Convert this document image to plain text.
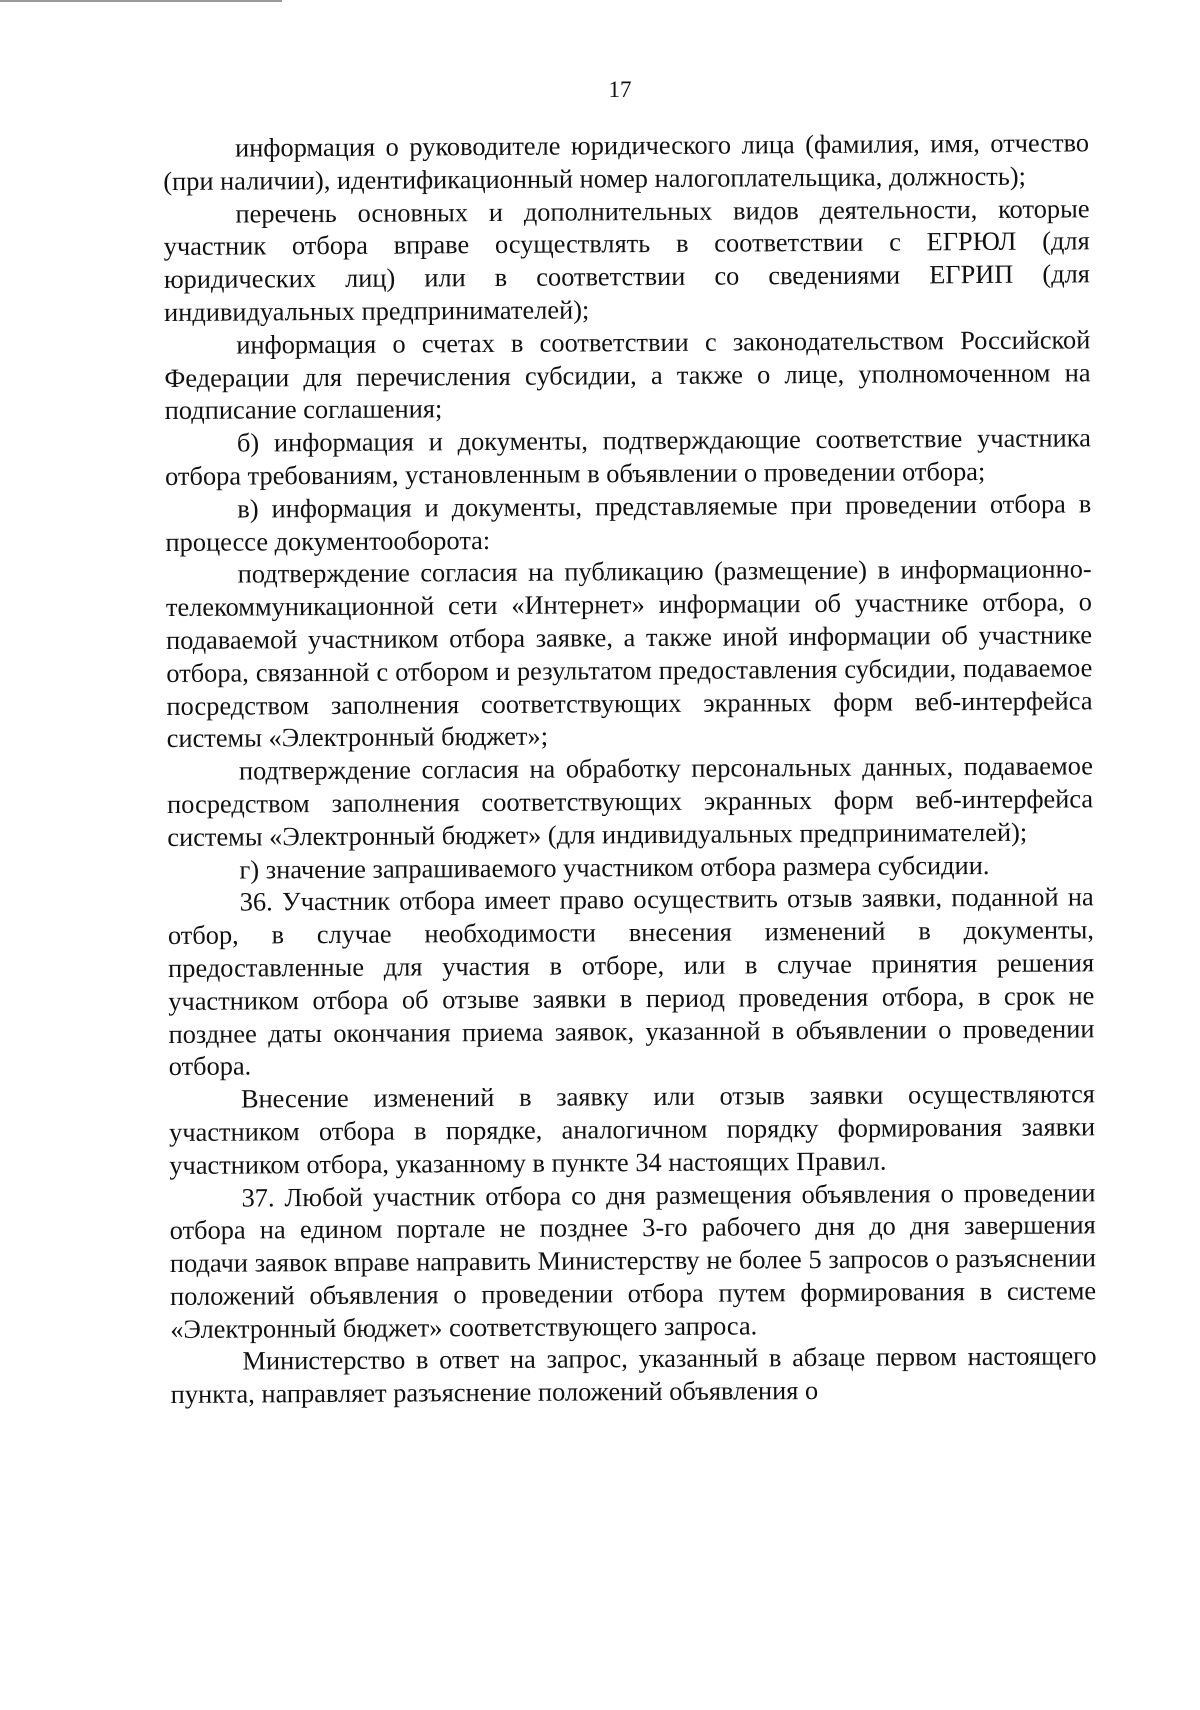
17

информация о руководителе юридического лица (фамилия, имя, отчество (при наличии), идентификационный номер налогоплательщика, должность);

перечень основных и дополнительных видов деятельности, которые участник отбора вправе осуществлять в соответствии с ЕГРЮЛ (для юридических лиц) или в соответствии со сведениями ЕГРИП (для индивидуальных предпринимателей);

информация о счетах в соответствии с законодательством Российской Федерации для перечисления субсидии, а также о лице, уполномоченном на подписание соглашения;

б) информация и документы, подтверждающие соответствие участника отбора требованиям, установленным в объявлении о проведении отбора;

в) информация и документы, представляемые при проведении отбора в процессе документооборота:

подтверждение согласия на публикацию (размещение) в информационно-телекоммуникационной сети «Интернет» информации об участнике отбора, о подаваемой участником отбора заявке, а также иной информации об участнике отбора, связанной с отбором и результатом предоставления субсидии, подаваемое посредством заполнения соответствующих экранных форм веб-интерфейса системы «Электронный бюджет»;

подтверждение согласия на обработку персональных данных, подаваемое посредством заполнения соответствующих экранных форм веб-интерфейса системы «Электронный бюджет» (для индивидуальных предпринимателей);

г) значение запрашиваемого участником отбора размера субсидии.

36. Участник отбора имеет право осуществить отзыв заявки, поданной на отбор, в случае необходимости внесения изменений в документы, предоставленные для участия в отборе, или в случае принятия решения участником отбора об отзыве заявки в период проведения отбора, в срок не позднее даты окончания приема заявок, указанной в объявлении о проведении отбора.

Внесение изменений в заявку или отзыв заявки осуществляются участником отбора в порядке, аналогичном порядку формирования заявки участником отбора, указанному в пункте 34 настоящих Правил.

37. Любой участник отбора со дня размещения объявления о проведении отбора на едином портале не позднее 3-го рабочего дня до дня завершения подачи заявок вправе направить Министерству не более 5 запросов о разъяснении положений объявления о проведении отбора путем формирования в системе «Электронный бюджет» соответствующего запроса.

Министерство в ответ на запрос, указанный в абзаце первом настоящего пункта, направляет разъяснение положений объявления о
